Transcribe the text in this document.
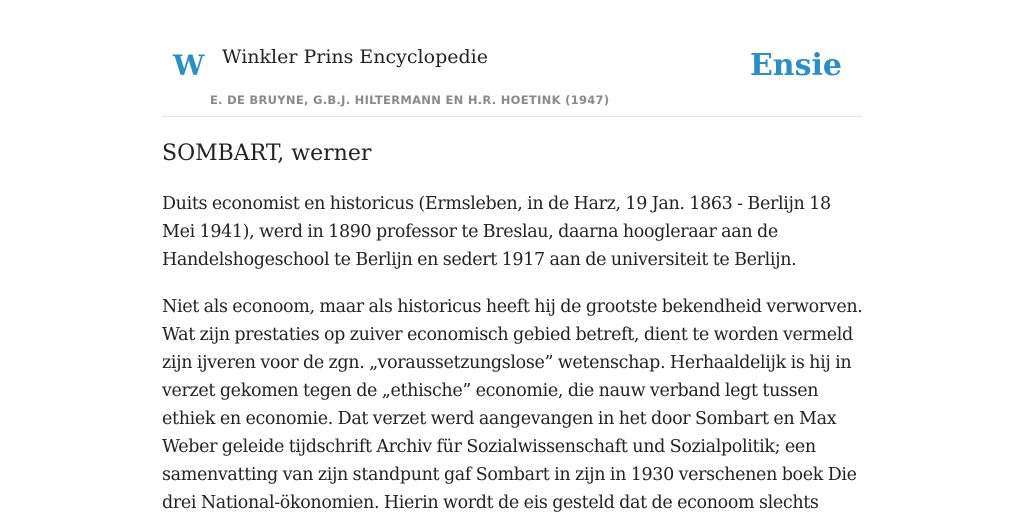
W Winkler Prins Encyclopedie
E. DE BRUYNE, G.B.J. HILTERMANN EN H.R. HOETINK (1947)
Ensie
SOMBART, werner

Duits economist en historicus (Ermsleben, in de Harz, 19 Jan. 1863 - Berlijn 18 Mei 1941), werd in 1890 professor te Breslau, daarna hoogleraar aan de Handelshogeschool te Berlijn en sedert 1917 aan de universiteit te Berlijn.

Niet als econoom, maar als historicus heeft hij de grootste bekendheid verworven. Wat zijn prestaties op zuiver economisch gebied betreft, dient te worden vermeld zijn ijveren voor de zgn. „voraussetzungslose” wetenschap. Herhaaldelijk is hij in verzet gekomen tegen de „ethische” economie, die nauw verband legt tussen ethiek en economie. Dat verzet werd aangevangen in het door Sombart en Max Weber geleide tijdschrift Archiv für Sozialwissenschaft und Sozialpolitik; een samenvatting van zijn standpunt gaf Sombart in zijn in 1930 verschenen boek Die drei National-ökonomien. Hierin wordt de eis gesteld dat de econoom slechts
